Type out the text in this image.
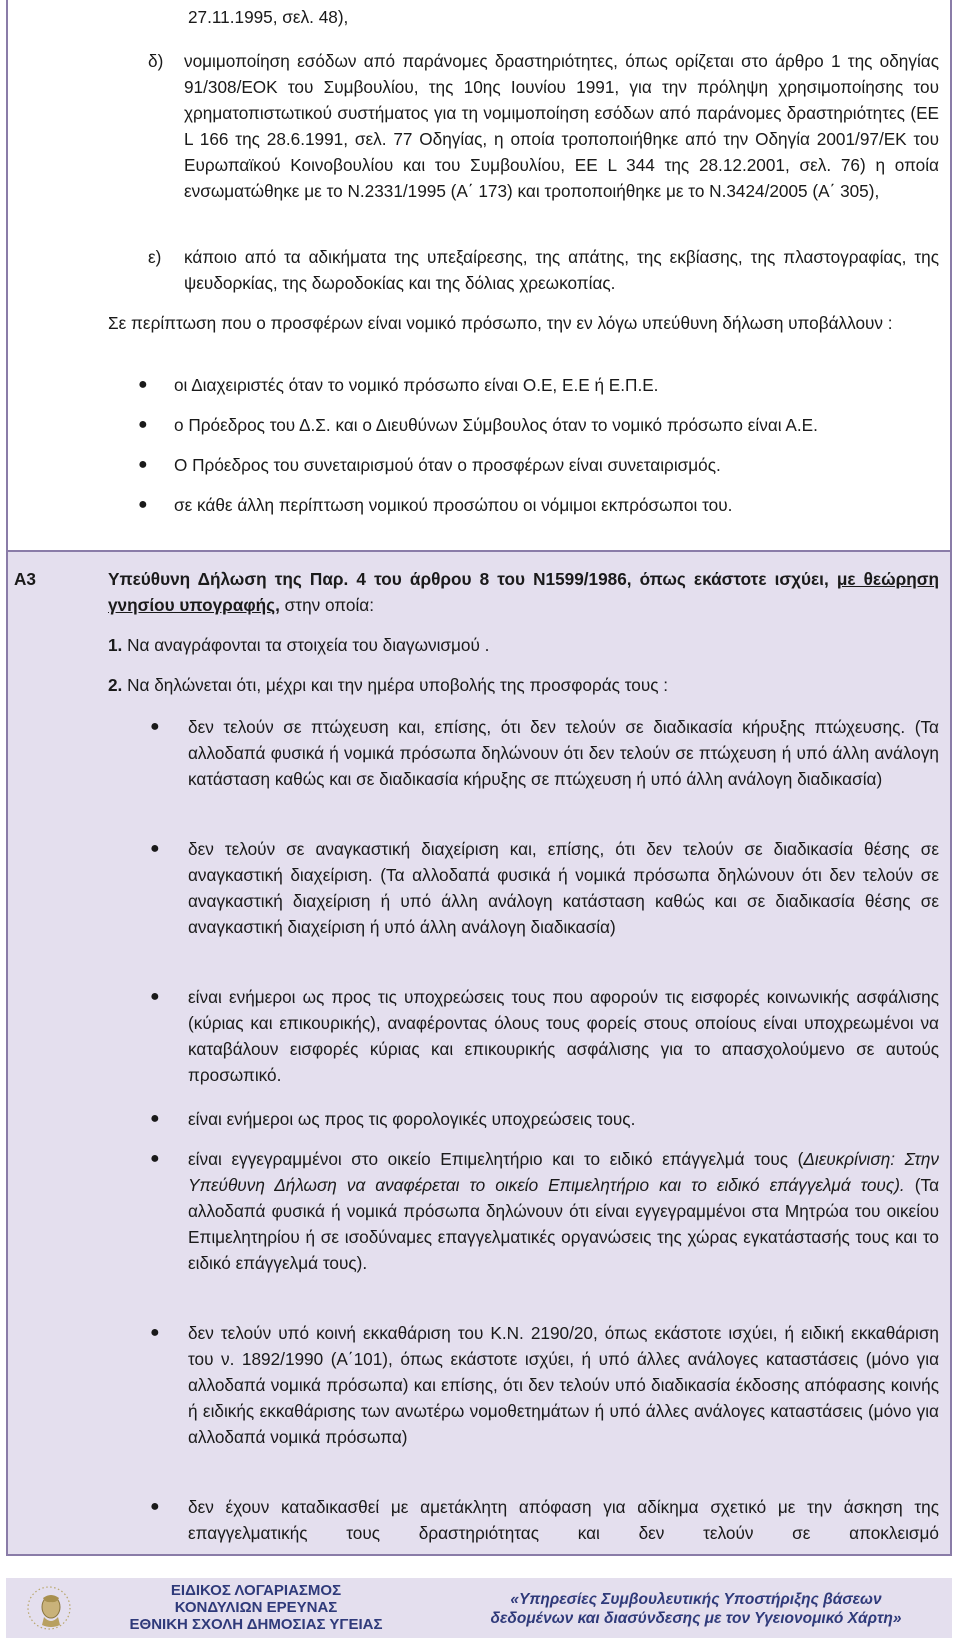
27.11.1995, σελ. 48),
δ)	νομιμοποίηση εσόδων από παράνομες δραστηριότητες, όπως ορίζεται στο άρθρο 1 της οδηγίας 91/308/ΕΟΚ του Συμβουλίου, της 10ης Ιουνίου 1991, για την πρόληψη χρησιμοποίησης του χρηματοπιστωτικού συστήματος για τη νομιμοποίηση εσόδων από παράνομες δραστηριότητες (EE L 166 της 28.6.1991, σελ. 77 Οδηγίας, η οποία τροποποιήθηκε από την Οδηγία 2001/97/ΕΚ του Ευρωπαϊκού Κοινοβουλίου και του Συμβουλίου, ΕΕ L 344 της 28.12.2001, σελ. 76) η οποία ενσωματώθηκε με το Ν.2331/1995 (Α΄ 173) και τροποποιήθηκε με το Ν.3424/2005 (Α΄ 305),
ε)	κάποιο από τα αδικήματα της υπεξαίρεσης, της απάτης, της εκβίασης, της πλαστογραφίας, της ψευδορκίας, της δωροδοκίας και της δόλιας χρεωκοπίας.
Σε περίπτωση που ο προσφέρων είναι νομικό πρόσωπο, την εν λόγω υπεύθυνη δήλωση υποβάλλουν :
● οι Διαχειριστές όταν το νομικό πρόσωπο είναι Ο.Ε, Ε.Ε ή Ε.Π.Ε.
● ο Πρόεδρος του Δ.Σ. και ο Διευθύνων Σύμβουλος όταν το νομικό πρόσωπο είναι Α.Ε.
● Ο Πρόεδρος του συνεταιρισμού όταν ο προσφέρων είναι συνεταιρισμός.
● σε κάθε άλλη περίπτωση νομικού προσώπου οι νόμιμοι εκπρόσωποι του.
Α3	Υπεύθυνη Δήλωση της Παρ. 4 του άρθρου 8 του Ν1599/1986, όπως εκάστοτε ισχύει, με θεώρηση γνησίου υπογραφής, στην οποία:
1. Να αναγράφονται τα στοιχεία του διαγωνισμού .
2. Να δηλώνεται ότι, μέχρι και την ημέρα υποβολής της προσφοράς τους :
● δεν τελούν σε πτώχευση και, επίσης, ότι δεν τελούν σε διαδικασία κήρυξης πτώχευσης. (Τα αλλοδαπά φυσικά ή νομικά πρόσωπα δηλώνουν ότι δεν τελούν σε πτώχευση ή υπό άλλη ανάλογη κατάσταση καθώς και σε διαδικασία κήρυξης σε πτώχευση ή υπό άλλη ανάλογη διαδικασία)
● δεν τελούν σε αναγκαστική διαχείριση και, επίσης, ότι δεν τελούν σε διαδικασία θέσης σε αναγκαστική διαχείριση. (Τα αλλοδαπά φυσικά ή νομικά πρόσωπα δηλώνουν ότι δεν τελούν σε αναγκαστική διαχείριση ή υπό άλλη ανάλογη κατάσταση καθώς και σε διαδικασία θέσης σε αναγκαστική διαχείριση ή υπό άλλη ανάλογη διαδικασία)
● είναι ενήμεροι ως προς τις υποχρεώσεις τους που αφορούν τις εισφορές κοινωνικής ασφάλισης (κύριας και επικουρικής), αναφέροντας όλους τους φορείς στους οποίους είναι υποχρεωμένοι να καταβάλουν εισφορές κύριας και επικουρικής ασφάλισης για το απασχολούμενο σε αυτούς προσωπικό.
● είναι ενήμεροι ως προς τις φορολογικές υποχρεώσεις τους.
● είναι εγγεγραμμένοι στο οικείο Επιμελητήριο και το ειδικό επάγγελμά τους (Διευκρίνιση: Στην Υπεύθυνη Δήλωση να αναφέρεται το οικείο Επιμελητήριο και το ειδικό επάγγελμά τους). (Τα αλλοδαπά φυσικά ή νομικά πρόσωπα δηλώνουν ότι είναι εγγεγραμμένοι στα Μητρώα του οικείου Επιμελητηρίου ή σε ισοδύναμες επαγγελματικές οργανώσεις της χώρας εγκατάστασής τους και το ειδικό επάγγελμά τους).
● δεν τελούν υπό κοινή εκκαθάριση του Κ.Ν. 2190/20, όπως εκάστοτε ισχύει, ή ειδική εκκαθάριση του ν. 1892/1990 (Α΄101), όπως εκάστοτε ισχύει, ή υπό άλλες ανάλογες καταστάσεις (μόνο για αλλοδαπά νομικά πρόσωπα) και επίσης, ότι δεν τελούν υπό διαδικασία έκδοσης απόφασης κοινής ή ειδικής εκκαθάρισης των ανωτέρω νομοθετημάτων ή υπό άλλες ανάλογες καταστάσεις (μόνο για αλλοδαπά νομικά πρόσωπα)
● δεν έχουν καταδικασθεί με αμετάκλητη απόφαση για αδίκημα σχετικό με την άσκηση της επαγγελματικής τους δραστηριότητας και δεν τελούν σε αποκλεισμό
ΕΙΔΙΚΟΣ ΛΟΓΑΡΙΑΣΜΟΣ
ΚΟΝΔΥΛΙΩΝ ΕΡΕΥΝΑΣ
ΕΘΝΙΚΗ ΣΧΟΛΗ ΔΗΜΟΣΙΑΣ ΥΓΕΙΑΣ
«Υπηρεσίες Συμβουλευτικής Υποστήριξης βάσεων
δεδομένων και διασύνδεσης με τον Υγειονομικό Χάρτη»
